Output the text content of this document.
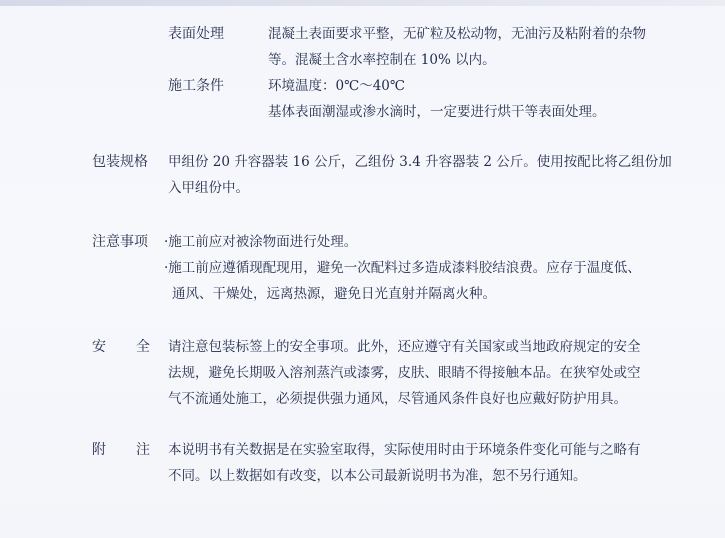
表面处理	混凝土表面要求平整，无矿粒及松动物，无油污及粘附着的杂物
等。混凝土含水率控制在 10% 以内。
施工条件	环境温度：0℃～40℃
基体表面潮湿或渗水滴时，一定要进行烘干等表面处理。
包装规格 甲组份 20 升容器装 16 公斤，乙组份 3.4 升容器装 2 公斤。使用按配比将乙组份加
入甲组份中。
注意事项 ·施工前应对被涂物面进行处理。
·施工前应遵循现配现用，避免一次配料过多造成漆料胶结浪费。应存于温度低、
通风、干燥处，远离热源，避免日光直射并隔离火种。
安 全 请注意包装标签上的安全事项。此外，还应遵守有关国家或当地政府规定的安全
法规，避免长期吸入溶剂蒸汽或漆雾，皮肤、眼睛不得接触本品。在狭窄处或空
气不流通处施工，必须提供强力通风，尽管通风条件良好也应戴好防护用具。
附 注 本说明书有关数据是在实验室取得，实际使用时由于环境条件变化可能与之略有
不同。以上数据如有改变，以本公司最新说明书为准，恕不另行通知。
